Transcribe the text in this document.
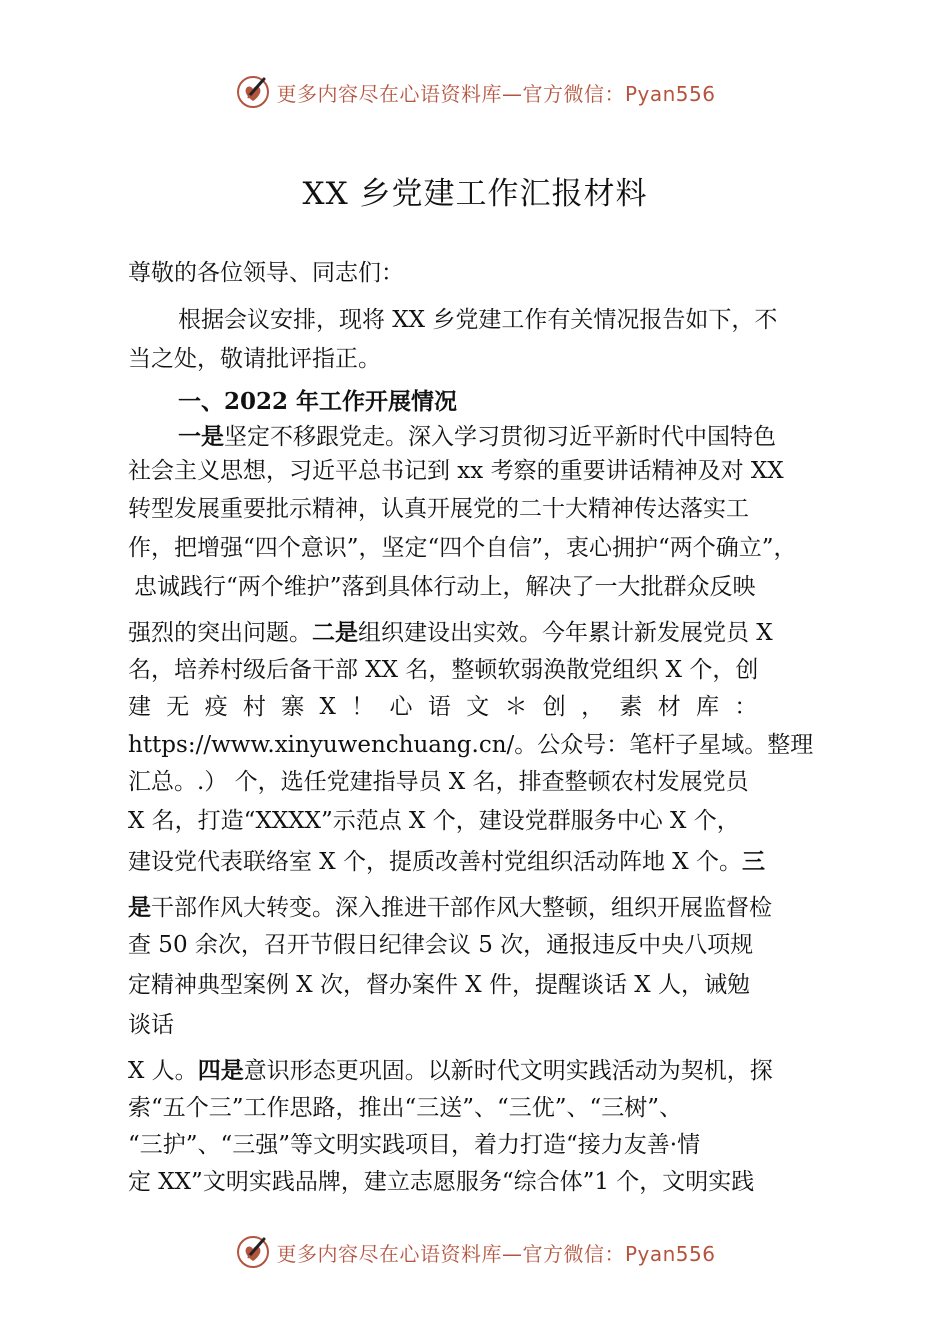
更多内容尽在心语资料库—官方微信：Pyan556
XX 乡党建工作汇报材料
尊敬的各位领导、同志们：
根据会议安排，现将 XX 乡党建工作有关情况报告如下，不
当之处，敬请批评指正。
一、2022 年工作开展情况
一是坚定不移跟党走。深入学习贯彻习近平新时代中国特色
社会主义思想，习近平总书记到 xx 考察的重要讲话精神及对 XX
转型发展重要批示精神，认真开展党的二十大精神传达落实工
作，把增强“四个意识”，坚定“四个自信”，衷心拥护“两个确立”，
忠诚践行“两个维护”落到具体行动上，解决了一大批群众反映
强烈的突出问题。二是组织建设出实效。今年累计新发展党员 X
名，培养村级后备干部 XX 名，整顿软弱涣散党组织 X 个，创
建 无 疫 村 寨 X ！ 心 语 文 ＊ 创 ， 素 材 库 ：
https://www.xinyuwenchuang.cn/。公众号：笔杆子星域。整理
汇总。.） 个，选任党建指导员 X 名，排查整顿农村发展党员
X 名，打造“XXXX”示范点 X 个，建设党群服务中心 X 个，
建设党代表联络室 X 个，提质改善村党组织活动阵地 X 个。三
是干部作风大转变。深入推进干部作风大整顿，组织开展监督检
查 50 余次，召开节假日纪律会议 5 次，通报违反中央八项规
定精神典型案例 X 次，督办案件 X 件，提醒谈话 X 人，诫勉
谈话
X 人。四是意识形态更巩固。以新时代文明实践活动为契机，探
索“五个三”工作思路，推出“三送”、“三优”、“三树”、
“三护”、“三强”等文明实践项目，着力打造“接力友善·情
定 XX”文明实践品牌，建立志愿服务“综合体”1 个，文明实践
更多内容尽在心语资料库—官方微信：Pyan556
